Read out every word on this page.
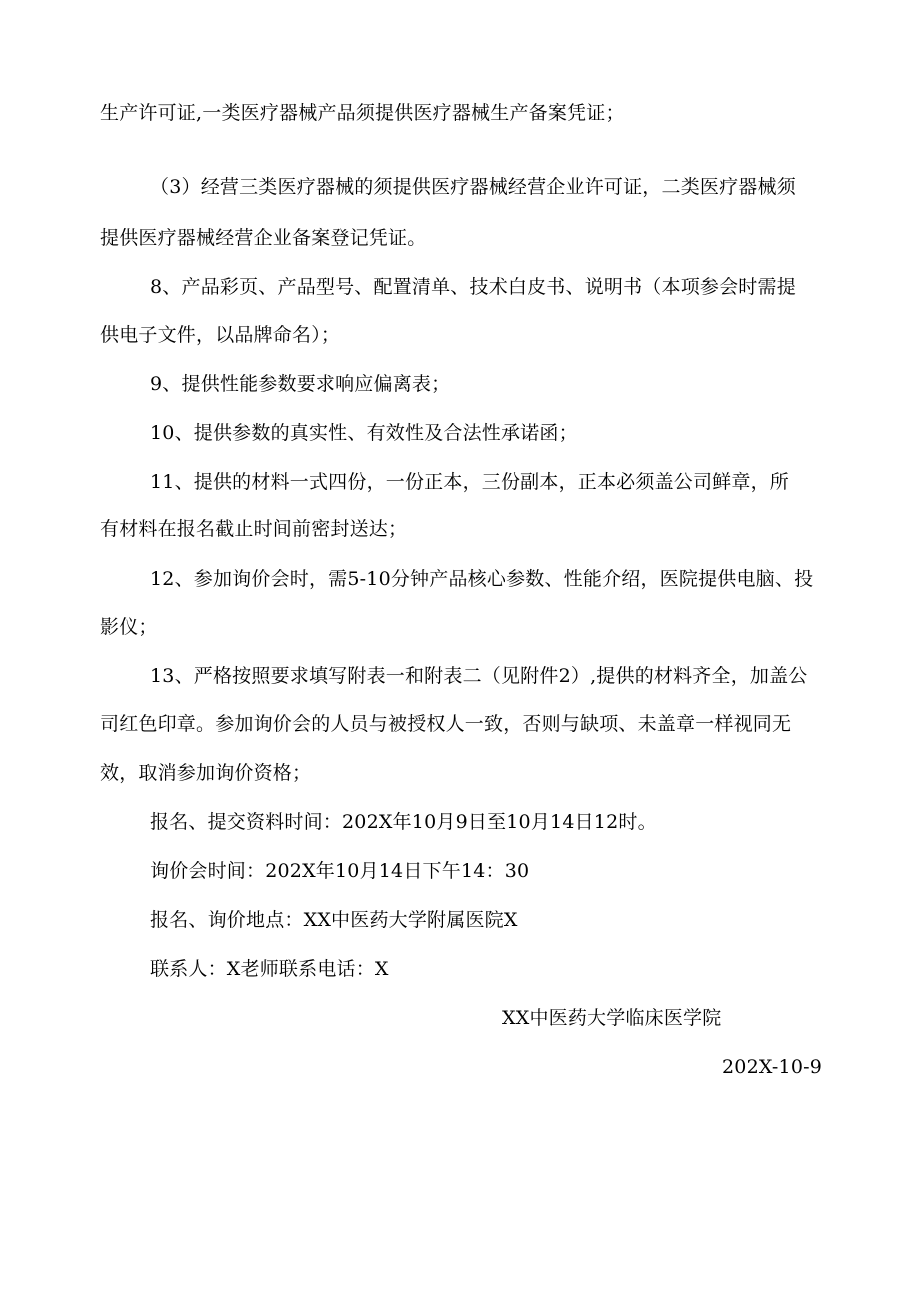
生产许可证,一类医疗器械产品须提供医疗器械生产备案凭证；
（3）经营三类医疗器械的须提供医疗器械经营企业许可证，二类医疗器械须
提供医疗器械经营企业备案登记凭证。
8、产品彩页、产品型号、配置清单、技术白皮书、说明书（本项参会时需提
供电子文件，以品牌命名）；
9、提供性能参数要求响应偏离表；
10、提供参数的真实性、有效性及合法性承诺函；
11、提供的材料一式四份，一份正本，三份副本，正本必须盖公司鲜章，所
有材料在报名截止时间前密封送达；
12、参加询价会时，需5-10分钟产品核心参数、性能介绍，医院提供电脑、投
影仪；
13、严格按照要求填写附表一和附表二（见附件2）,提供的材料齐全，加盖公
司红色印章。参加询价会的人员与被授权人一致，否则与缺项、未盖章一样视同无
效，取消参加询价资格；
报名、提交资料时间：202X年10月9日至10月14日12时。
询价会时间：202X年10月14日下午14：30
报名、询价地点：XX中医药大学附属医院X
联系人：X老师联系电话：X
XX中医药大学临床医学院
202X-10-9
